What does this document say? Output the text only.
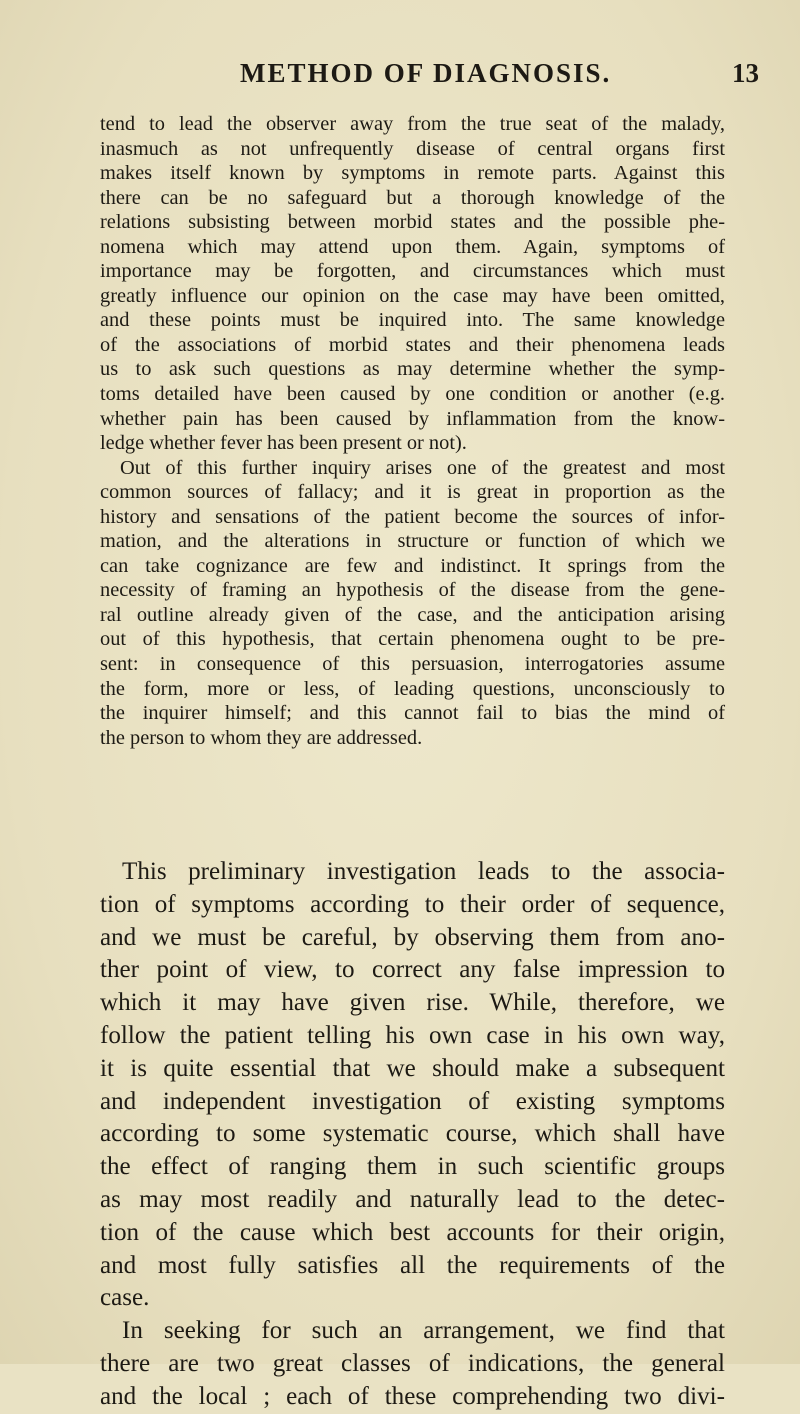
METHOD OF DIAGNOSIS.	13
tend to lead the observer away from the true seat of the malady,
inasmuch as not unfrequently disease of central organs first
makes itself known by symptoms in remote parts. Against this
there can be no safeguard but a thorough knowledge of the
relations subsisting between morbid states and the possible phe-
nomena which may attend upon them. Again, symptoms of
importance may be forgotten, and circumstances which must
greatly influence our opinion on the case may have been omitted,
and these points must be inquired into. The same knowledge
of the associations of morbid states and their phenomena leads
us to ask such questions as may determine whether the symp-
toms detailed have been caused by one condition or another (e.g.
whether pain has been caused by inflammation from the know-
ledge whether fever has been present or not).
Out of this further inquiry arises one of the greatest and most
common sources of fallacy; and it is great in proportion as the
history and sensations of the patient become the sources of infor-
mation, and the alterations in structure or function of which we
can take cognizance are few and indistinct. It springs from the
necessity of framing an hypothesis of the disease from the gene-
ral outline already given of the case, and the anticipation arising
out of this hypothesis, that certain phenomena ought to be pre-
sent: in consequence of this persuasion, interrogatories assume
the form, more or less, of leading questions, unconsciously to
the inquirer himself; and this cannot fail to bias the mind of
the person to whom they are addressed.
This preliminary investigation leads to the associa-
tion of symptoms according to their order of sequence,
and we must be careful, by observing them from ano-
ther point of view, to correct any false impression to
which it may have given rise. While, therefore, we
follow the patient telling his own case in his own way,
it is quite essential that we should make a subsequent
and independent investigation of existing symptoms
according to some systematic course, which shall have
the effect of ranging them in such scientific groups
as may most readily and naturally lead to the detec-
tion of the cause which best accounts for their origin,
and most fully satisfies all the requirements of the
case.
In seeking for such an arrangement, we find that
there are two great classes of indications, the general
and the local ; each of these comprehending two divi-
